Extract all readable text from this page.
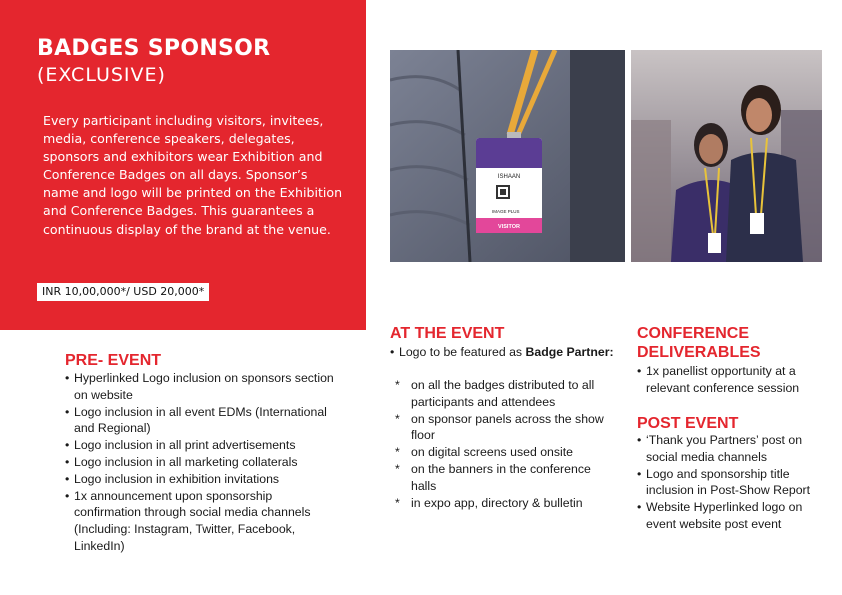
BADGES SPONSOR
(EXCLUSIVE)

Every participant including visitors, invitees, media, conference speakers, delegates, sponsors and exhibitors wear Exhibition and Conference Badges on all days. Sponsor’s name and logo will be printed on the Exhibition and Conference Badges. This guarantees a continuous display of the brand at the venue.

INR 10,00,000*/ USD 20,000*
ISHAAN
IMAGE PLUS
VISITOR
PRE- EVENT
• Hyperlinked Logo inclusion on sponsors section on website
• Logo inclusion in all event EDMs (International and Regional)
• Logo inclusion in all print advertisements
• Logo inclusion in all marketing collaterals
• Logo inclusion in exhibition invitations
• 1x announcement upon sponsorship confirmation through social media channels (Including: Instagram, Twitter, Facebook, LinkedIn)
AT THE EVENT

• Logo to be featured as Badge Partner:

* on all the badges distributed to all participants and attendees
* on sponsor panels across the show floor
* on digital screens used onsite
* on the banners in the conference halls
* in expo app, directory & bulletin
CONFERENCE DELIVERABLES
• 1x panellist opportunity at a relevant conference session
POST EVENT
• ‘Thank you Partners’ post on social media channels
• Logo and sponsorship title inclusion in Post-Show Report
• Website Hyperlinked logo on event website post event
